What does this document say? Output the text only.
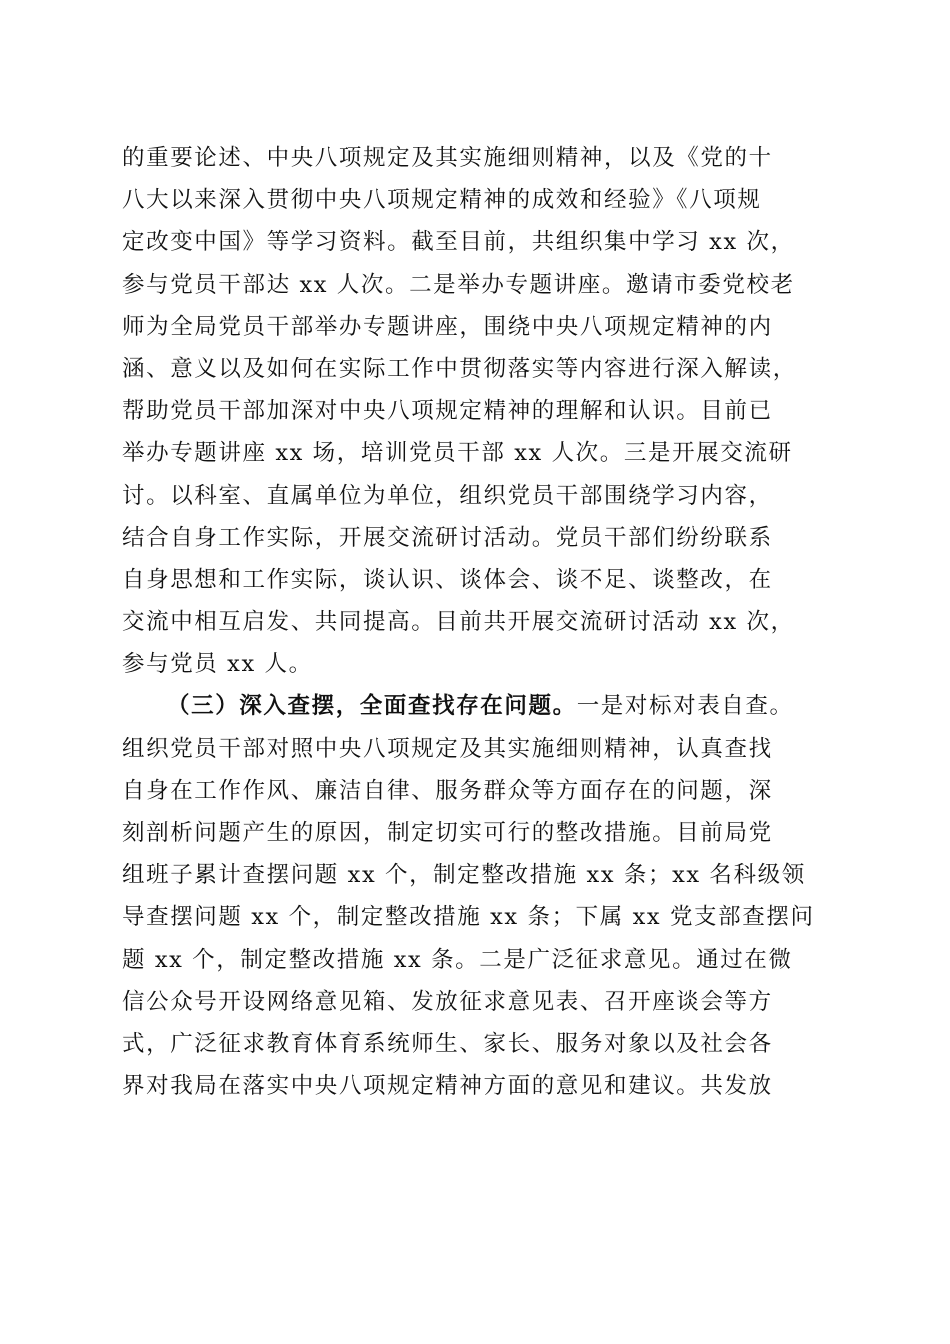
的重要论述、中央八项规定及其实施细则精神，以及《党的十
八大以来深入贯彻中央八项规定精神的成效和经验》《八项规
定改变中国》等学习资料。截至目前，共组织集中学习 xx 次，
参与党员干部达 xx 人次。二是举办专题讲座。邀请市委党校老
师为全局党员干部举办专题讲座，围绕中央八项规定精神的内
涵、意义以及如何在实际工作中贯彻落实等内容进行深入解读，
帮助党员干部加深对中央八项规定精神的理解和认识。目前已
举办专题讲座 xx 场，培训党员干部 xx 人次。三是开展交流研
讨。以科室、直属单位为单位，组织党员干部围绕学习内容，
结合自身工作实际，开展交流研讨活动。党员干部们纷纷联系
自身思想和工作实际，谈认识、谈体会、谈不足、谈整改，在
交流中相互启发、共同提高。目前共开展交流研讨活动 xx 次，
参与党员 xx 人。
（三）深入查摆，全面查找存在问题。一是对标对表自查。
组织党员干部对照中央八项规定及其实施细则精神，认真查找
自身在工作作风、廉洁自律、服务群众等方面存在的问题，深
刻剖析问题产生的原因，制定切实可行的整改措施。目前局党
组班子累计查摆问题 xx 个，制定整改措施 xx 条；xx 名科级领
导查摆问题 xx 个，制定整改措施 xx 条；下属 xx 党支部查摆问
题 xx 个，制定整改措施 xx 条。二是广泛征求意见。通过在微
信公众号开设网络意见箱、发放征求意见表、召开座谈会等方
式，广泛征求教育体育系统师生、家长、服务对象以及社会各
界对我局在落实中央八项规定精神方面的意见和建议。共发放
